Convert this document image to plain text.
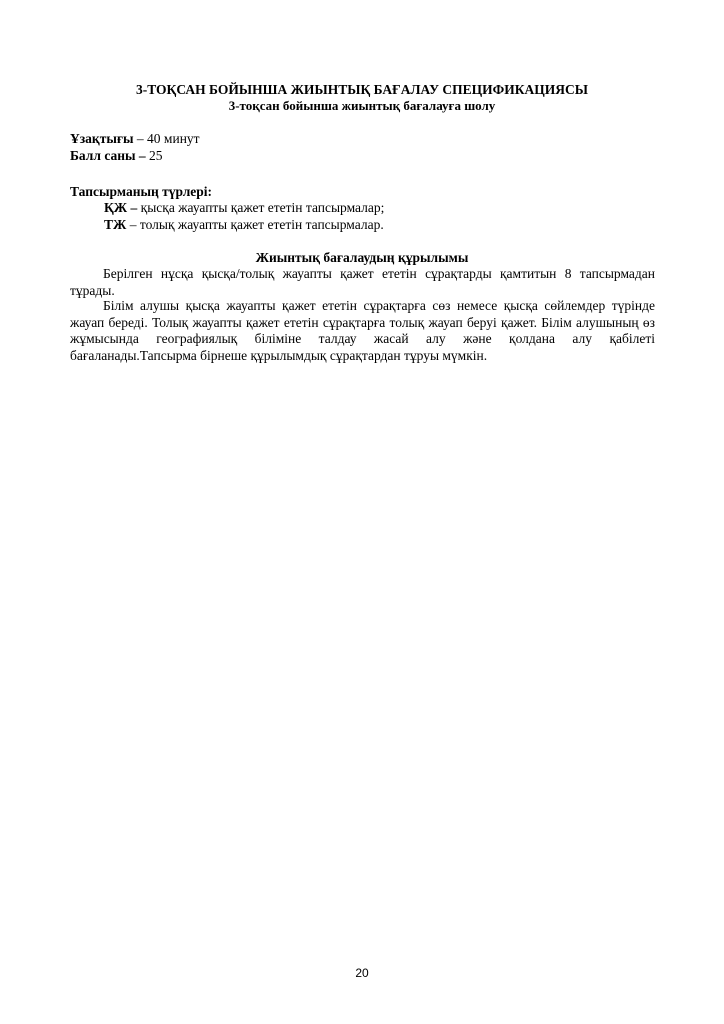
3-ТОҚСАН БОЙЫНША ЖИЫНТЫҚ БАҒАЛАУ СПЕЦИФИКАЦИЯСЫ
3-тоқсан бойынша жиынтық бағалауға шолу
Ұзақтығы – 40 минут
Балл саны – 25
Тапсырманың түрлері:
ҚЖ – қысқа жауапты қажет ететін тапсырмалар;
ТЖ – толық жауапты қажет ететін тапсырмалар.
Жиынтық бағалаудың құрылымы
Берілген нұсқа қысқа/толық жауапты қажет ететін сұрақтарды қамтитын 8 тапсырмадан тұрады.
Білім алушы қысқа жауапты қажет ететін сұрақтарға сөз немесе қысқа сөйлемдер түрінде жауап береді. Толық жауапты қажет ететін сұрақтарға толық жауап беруі қажет. Білім алушының өз жұмысында географиялық біліміне талдау жасай алу және қолдана алу қабілеті бағаланады.Тапсырма бірнеше құрылымдық сұрақтардан тұруы мүмкін.
20
